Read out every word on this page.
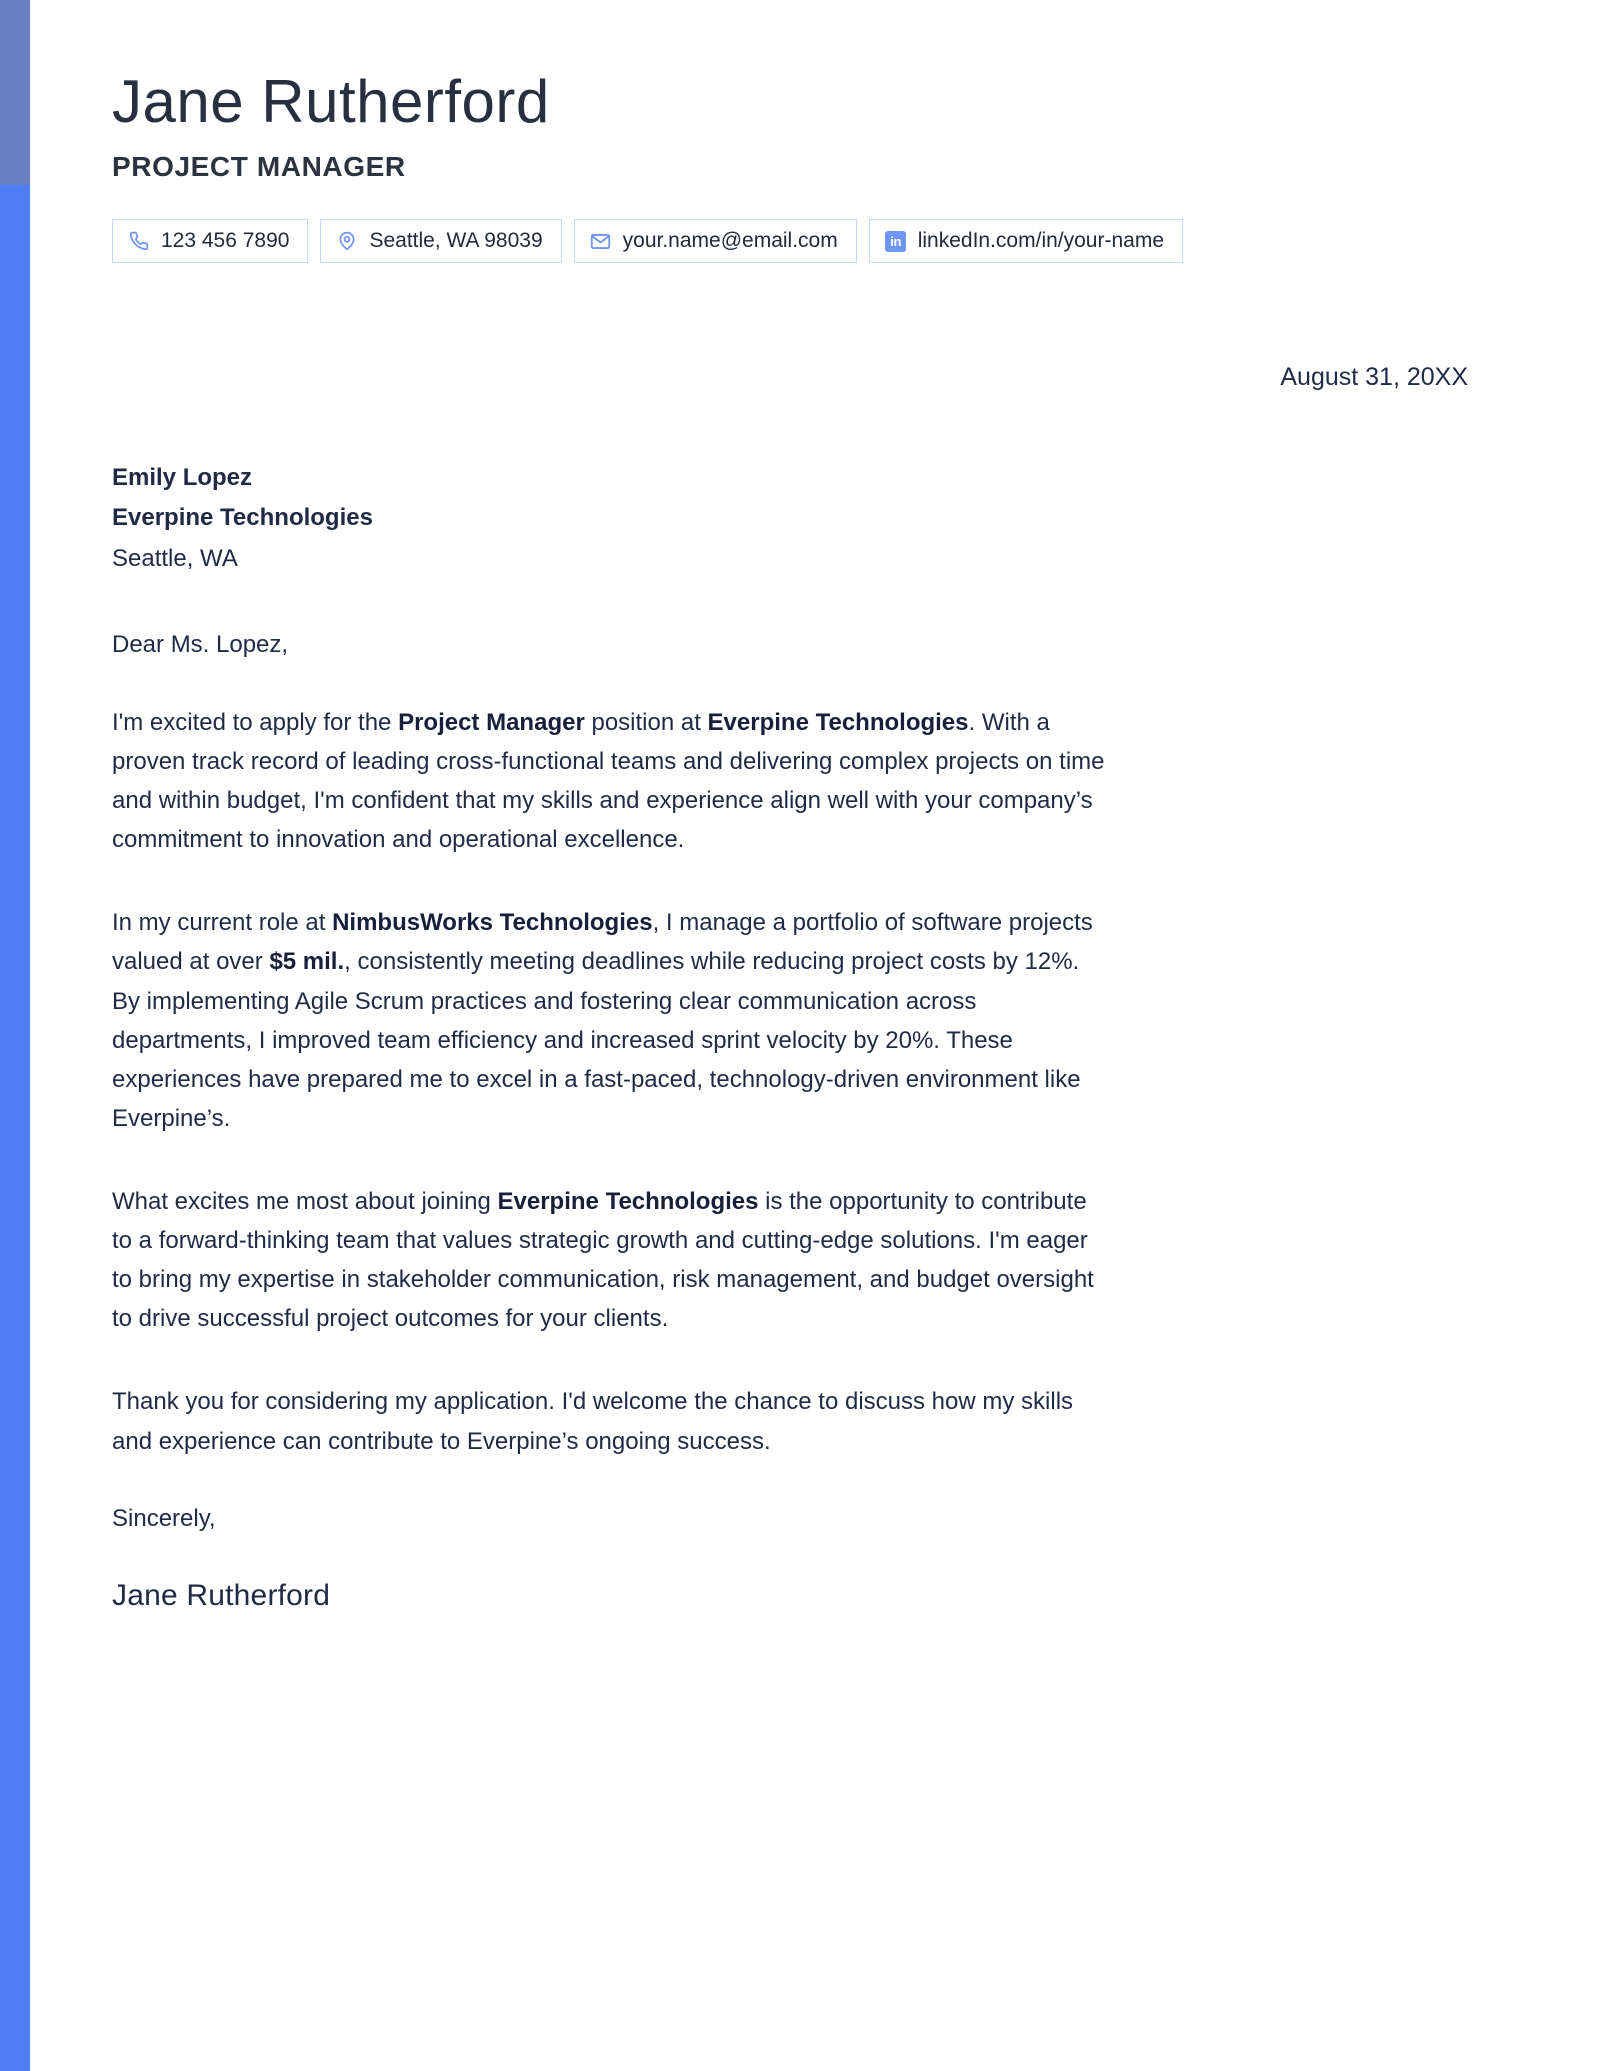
Jane Rutherford
PROJECT MANAGER
123 456 7890	Seattle, WA 98039	your.name@email.com	in linkedIn.com/in/your-name
August 31, 20XX
Emily Lopez
Everpine Technologies
Seattle, WA
Dear Ms. Lopez,

I'm excited to apply for the Project Manager position at Everpine Technologies. With a proven track record of leading cross-functional teams and delivering complex projects on time and within budget, I'm confident that my skills and experience align well with your company’s commitment to innovation and operational excellence.

In my current role at NimbusWorks Technologies, I manage a portfolio of software projects valued at over $5 mil., consistently meeting deadlines while reducing project costs by 12%. By implementing Agile Scrum practices and fostering clear communication across departments, I improved team efficiency and increased sprint velocity by 20%. These experiences have prepared me to excel in a fast-paced, technology-driven environment like Everpine’s.

What excites me most about joining Everpine Technologies is the opportunity to contribute to a forward-thinking team that values strategic growth and cutting-edge solutions. I'm eager to bring my expertise in stakeholder communication, risk management, and budget oversight to drive successful project outcomes for your clients.

Thank you for considering my application. I'd welcome the chance to discuss how my skills and experience can contribute to Everpine’s ongoing success.

Sincerely,
Jane Rutherford
